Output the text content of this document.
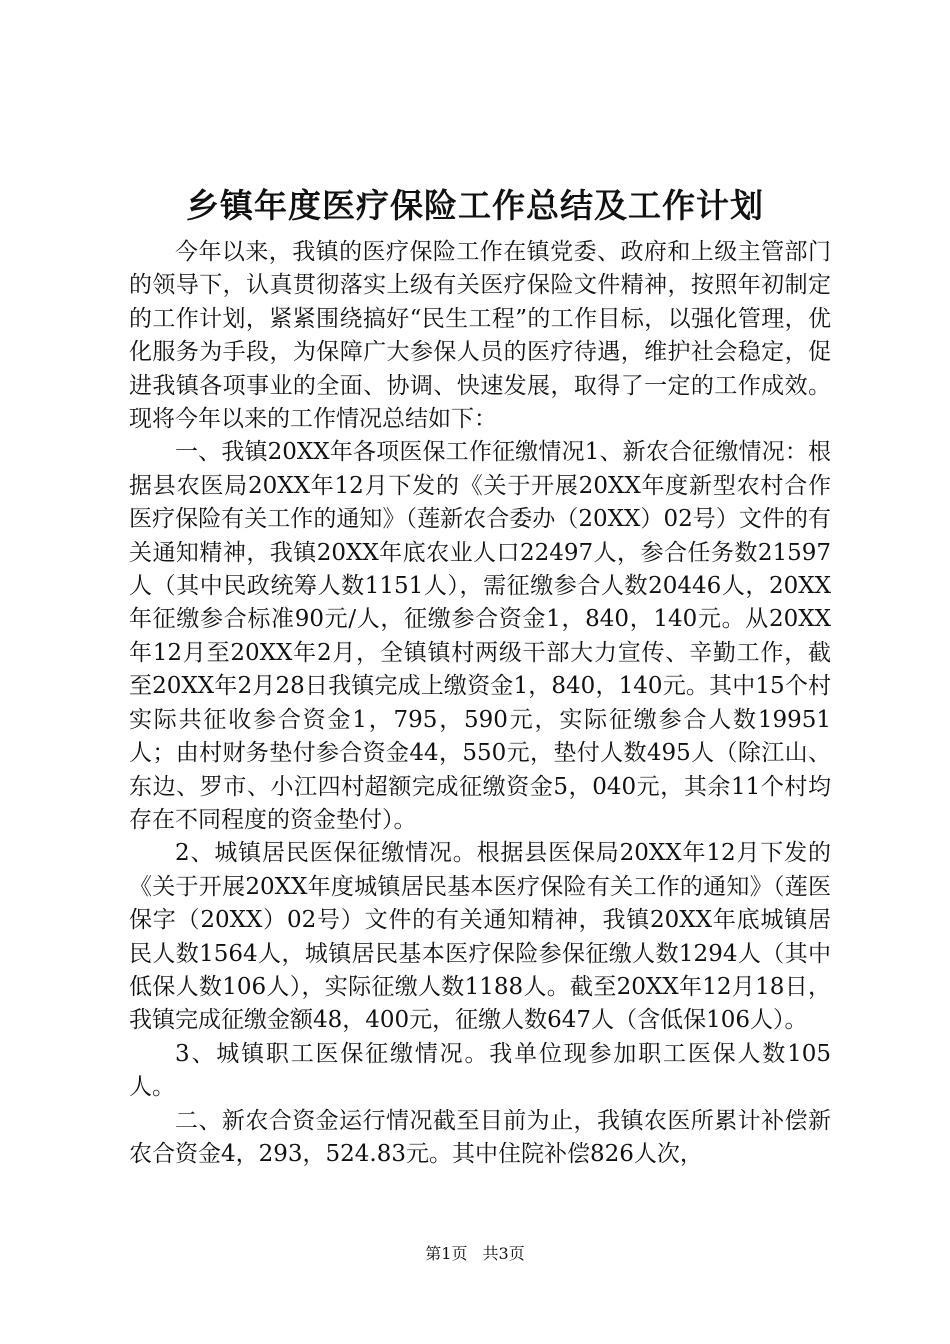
乡镇年度医疗保险工作总结及工作计划

今年以来，我镇的医疗保险工作在镇党委、政府和上级主管部门的领导下，认真贯彻落实上级有关医疗保险文件精神，按照年初制定的工作计划，紧紧围绕搞好“民生工程”的工作目标，以强化管理，优化服务为手段，为保障广大参保人员的医疗待遇，维护社会稳定，促进我镇各项事业的全面、协调、快速发展，取得了一定的工作成效。现将今年以来的工作情况总结如下：

一、我镇20XX年各项医保工作征缴情况1、新农合征缴情况：根据县农医局20XX年12月下发的《关于开展20XX年度新型农村合作医疗保险有关工作的通知》（莲新农合委办（20XX）02号）文件的有关通知精神，我镇20XX年底农业人口22497人，参合任务数21597人（其中民政统筹人数1151人），需征缴参合人数20446人，20XX年征缴参合标准90元/人，征缴参合资金1，840，140元。从20XX年12月至20XX年2月，全镇镇村两级干部大力宣传、辛勤工作，截至20XX年2月28日我镇完成上缴资金1，840，140元。其中15个村实际共征收参合资金1，795，590元，实际征缴参合人数19951人；由村财务垫付参合资金44，550元，垫付人数495人（除江山、东边、罗市、小江四村超额完成征缴资金5，040元，其余11个村均存在不同程度的资金垫付）。

2、城镇居民医保征缴情况。根据县医保局20XX年12月下发的《关于开展20XX年度城镇居民基本医疗保险有关工作的通知》（莲医保字（20XX）02号）文件的有关通知精神，我镇20XX年底城镇居民人数1564人，城镇居民基本医疗保险参保征缴人数1294人（其中低保人数106人），实际征缴人数1188人。截至20XX年12月18日，我镇完成征缴金额48，400元，征缴人数647人（含低保106人）。

3、城镇职工医保征缴情况。我单位现参加职工医保人数105人。

二、新农合资金运行情况截至目前为止，我镇农医所累计补偿新农合资金4，293，524.83元。其中住院补偿826人次，

第1页 共3页
